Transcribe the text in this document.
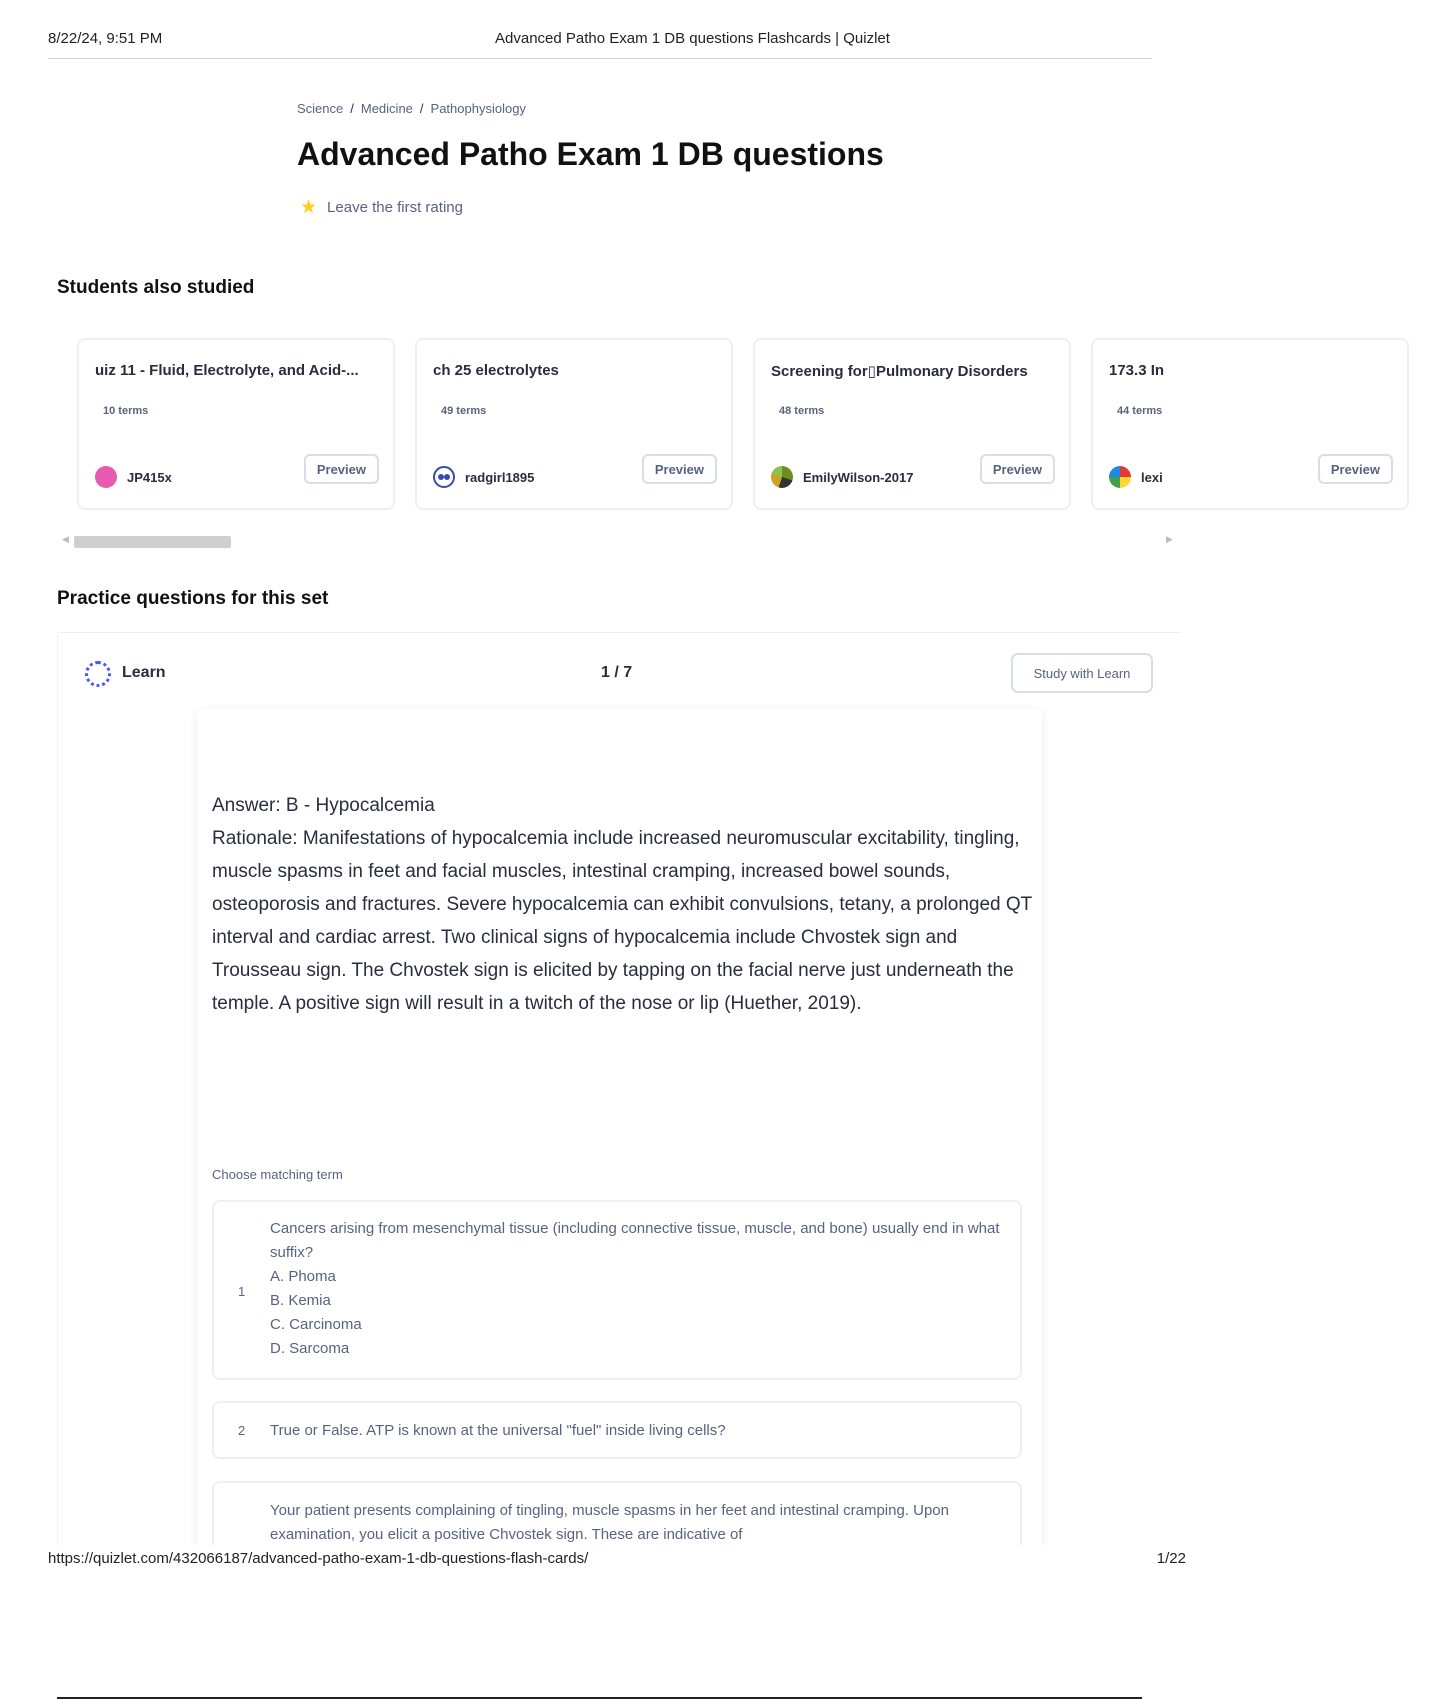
8/22/24, 9:51 PM	Advanced Patho Exam 1 DB questions Flashcards | Quizlet
Science / Medicine / Pathophysiology
Advanced Patho Exam 1 DB questions
★ Leave the first rating
Students also studied
uiz 11 - Fluid, Electrolyte, and Acid-...
10 terms
JP415x
Preview
ch 25 electrolytes
49 terms
radgirl1895
Preview
Screening for▯Pulmonary Disorders
48 terms
EmilyWilson-2017
Preview
173.3 In
44 terms
lexi
Preview
◀	▶
Practice questions for this set
Learn	1 / 7	Study with Learn

Answer: B - Hypocalcemia

Rationale: Manifestations of hypocalcemia include increased neuromuscular excitability, tingling, muscle spasms in feet and facial muscles, intestinal cramping, increased bowel sounds, osteoporosis and fractures. Severe hypocalcemia can exhibit convulsions, tetany, a prolonged QT interval and cardiac arrest. Two clinical signs of hypocalcemia include Chvostek sign and Trousseau sign. The Chvostek sign is elicited by tapping on the facial nerve just underneath the temple. A positive sign will result in a twitch of the nose or lip (Huether, 2019).

Choose matching term
1
Cancers arising from mesenchymal tissue (including connective tissue, muscle, and bone) usually end in what suffix?
A. Phoma
B. Kemia
C. Carcinoma
D. Sarcoma
2 True or False. ATP is known at the universal "fuel" inside living cells?
Your patient presents complaining of tingling, muscle spasms in her feet and intestinal cramping. Upon examination, you elicit a positive Chvostek sign. These are indicative of
https://quizlet.com/432066187/advanced-patho-exam-1-db-questions-flash-cards/	1/22
